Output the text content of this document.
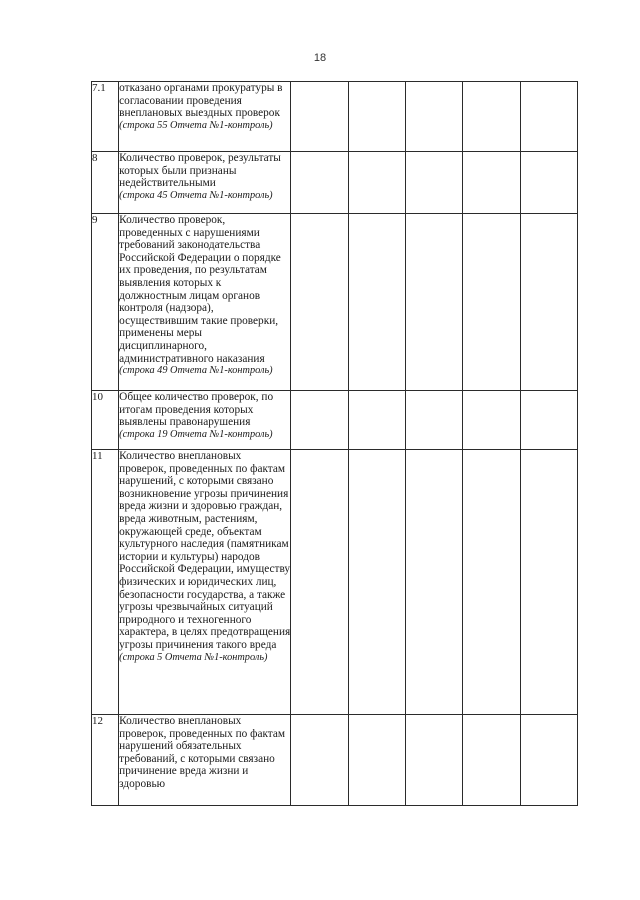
18
7.1	отказано органами прокуратуры в согласовании проведения внеплановых выездных проверок
(строка 55 Отчета №1-контроль)					

8	Количество проверок, результаты которых были признаны недействительными
(строка 45 Отчета №1-контроль)					

9	Количество проверок, проведенных с нарушениями требований законодательства Российской Федерации о порядке их проведения, по результатам выявления которых к должностным лицам органов контроля (надзора), осуществившим такие проверки, применены меры дисциплинарного, административного наказания
(строка 49 Отчета №1-контроль)					

10	Общее количество проверок, по итогам проведения которых выявлены правонарушения
(строка 19 Отчета №1-контроль)					

11	Количество внеплановых проверок, проведенных по фактам нарушений, с которыми связано возникновение угрозы причинения вреда жизни и здоровью граждан, вреда животным, растениям, окружающей среде, объектам культурного наследия (памятникам истории и культуры) народов Российской Федерации, имуществу физических и юридических лиц, безопасности государства, а также угрозы чрезвычайных ситуаций природного и техногенного характера, в целях предотвращения угрозы причинения такого вреда
(строка 5 Отчета №1-контроль)					

12	Количество внеплановых проверок, проведенных по фактам нарушений обязательных требований, с которыми связано причинение вреда жизни и здоровью
